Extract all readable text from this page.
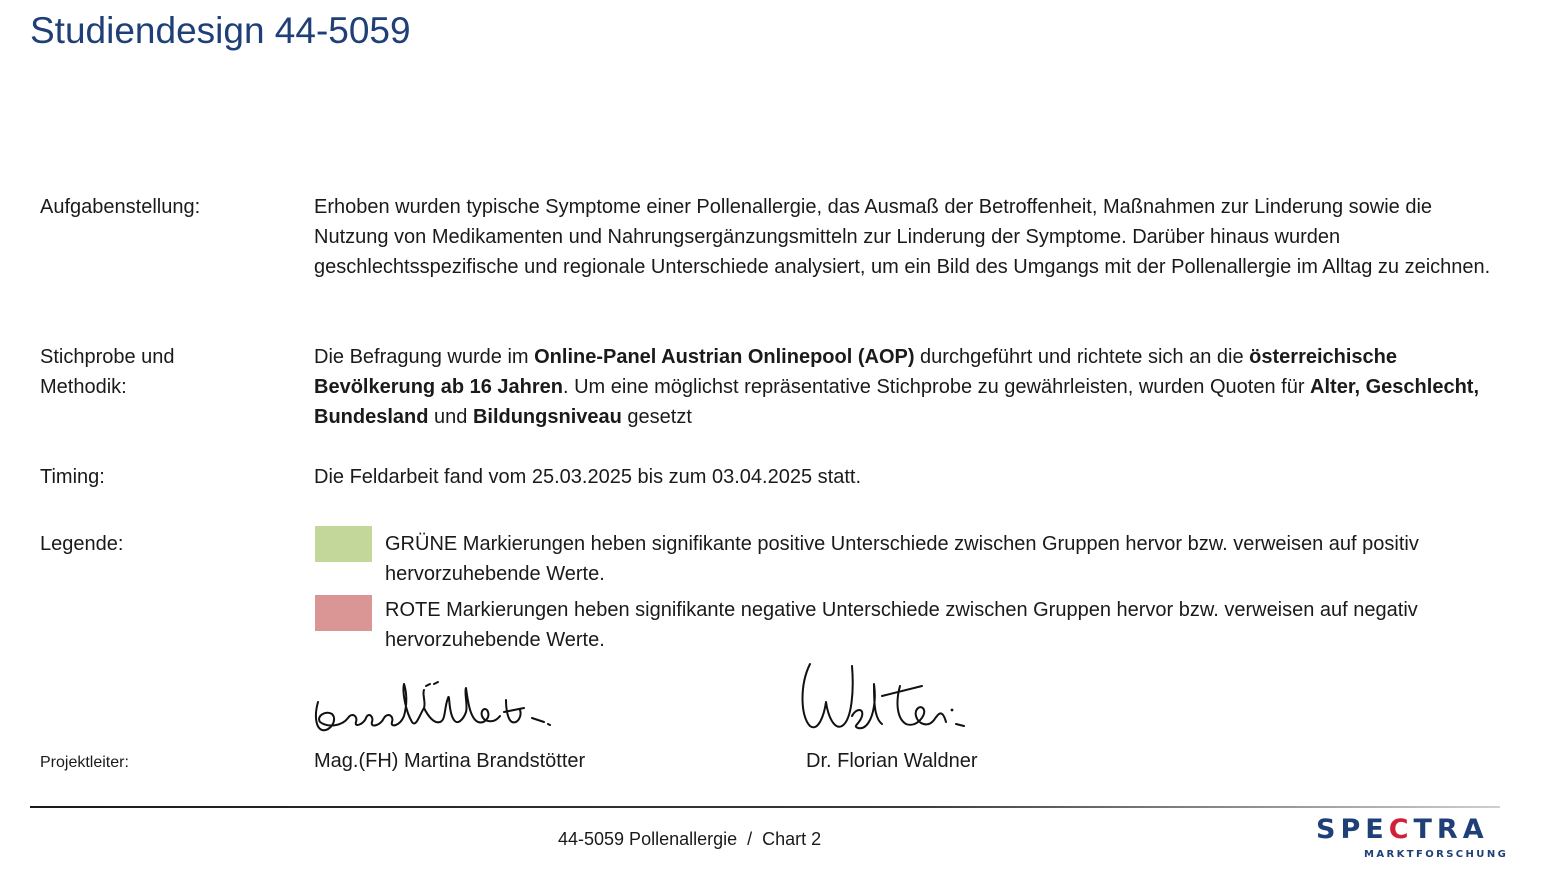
Studiendesign 44-5059
Aufgabenstellung:	Erhoben wurden typische Symptome einer Pollenallergie, das Ausmaß der Betroffenheit, Maßnahmen zur Linderung sowie die Nutzung von Medikamenten und Nahrungsergänzungsmitteln zur Linderung der Symptome. Darüber hinaus wurden geschlechtsspezifische und regionale Unterschiede analysiert, um ein Bild des Umgangs mit der Pollenallergie im Alltag zu zeichnen.
Stichprobe und
Methodik:
Die Befragung wurde im Online-Panel Austrian Onlinepool (AOP) durchgeführt und richtete sich an die österreichische Bevölkerung ab 16 Jahren. Um eine möglichst repräsentative Stichprobe zu gewährleisten, wurden Quoten für Alter, Geschlecht, Bundesland und Bildungsniveau gesetzt
Timing:	Die Feldarbeit fand vom 25.03.2025 bis zum 03.04.2025 statt.
Legende:	GRÜNE Markierungen heben signifikante positive Unterschiede zwischen Gruppen hervor bzw. verweisen auf positiv hervorzuhebende Werte.
ROTE Markierungen heben signifikante negative Unterschiede zwischen Gruppen hervor bzw. verweisen auf negativ hervorzuhebende Werte.
Projektleiter:	Mag.(FH) Martina Brandstötter	Dr. Florian Waldner
44-5059 Pollenallergie  /  Chart 2	SPECTRA
MARKTFORSCHUNG
